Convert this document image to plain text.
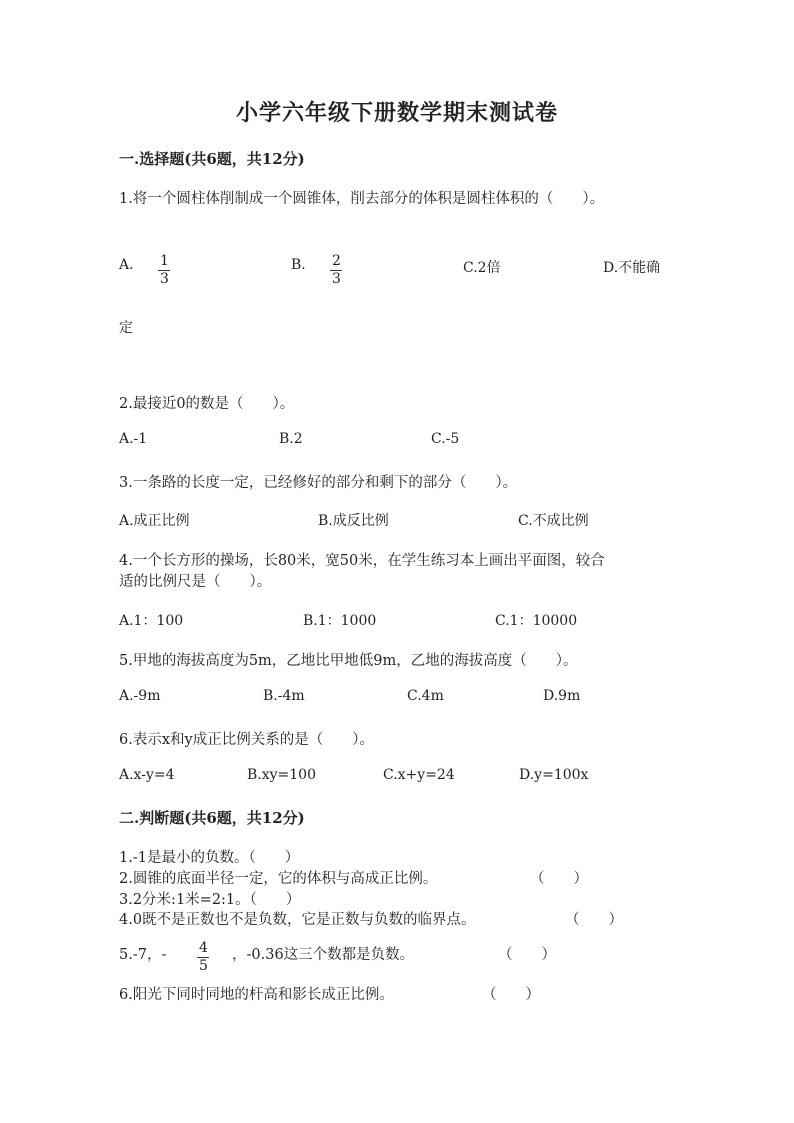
小学六年级下册数学期末测试卷
一.选择题(共6题，共12分)
1.将一个圆柱体削制成一个圆锥体，削去部分的体积是圆柱体积的（　　）。
A. $\frac{1}{3}$	B. $\frac{2}{3}$	C.2倍	D.不能确
定
2.最接近0的数是（　　）。
A.-1	B.2	C.-5
3.一条路的长度一定，已经修好的部分和剩下的部分（　　）。
A.成正比例	B.成反比例	C.不成比例
4.一个长方形的操场，长80米，宽50米，在学生练习本上画出平面图，较合
适的比例尺是（　　）。
A.1：100	B.1：1000	C.1：10000
5.甲地的海拔高度为5m，乙地比甲地低9m，乙地的海拔高度（　　）。
A.-9m	B.-4m	C.4m	D.9m
6.表示x和y成正比例关系的是（　　）。
A.x-y=4	B.xy=100	C.x+y=24	D.y=100x
二.判断题(共6题，共12分)
1.-1是最小的负数。（　　）
2.圆锥的底面半径一定，它的体积与高成正比例。	（　　）
3.2分米:1米=2:1。（　　）
4.0既不是正数也不是负数，它是正数与负数的临界点。	（　　）
5.-7，- $\frac{4}{5}$ ，-0.36这三个数都是负数。	（　　）
6.阳光下同时同地的杆高和影长成正比例。	（　　）
